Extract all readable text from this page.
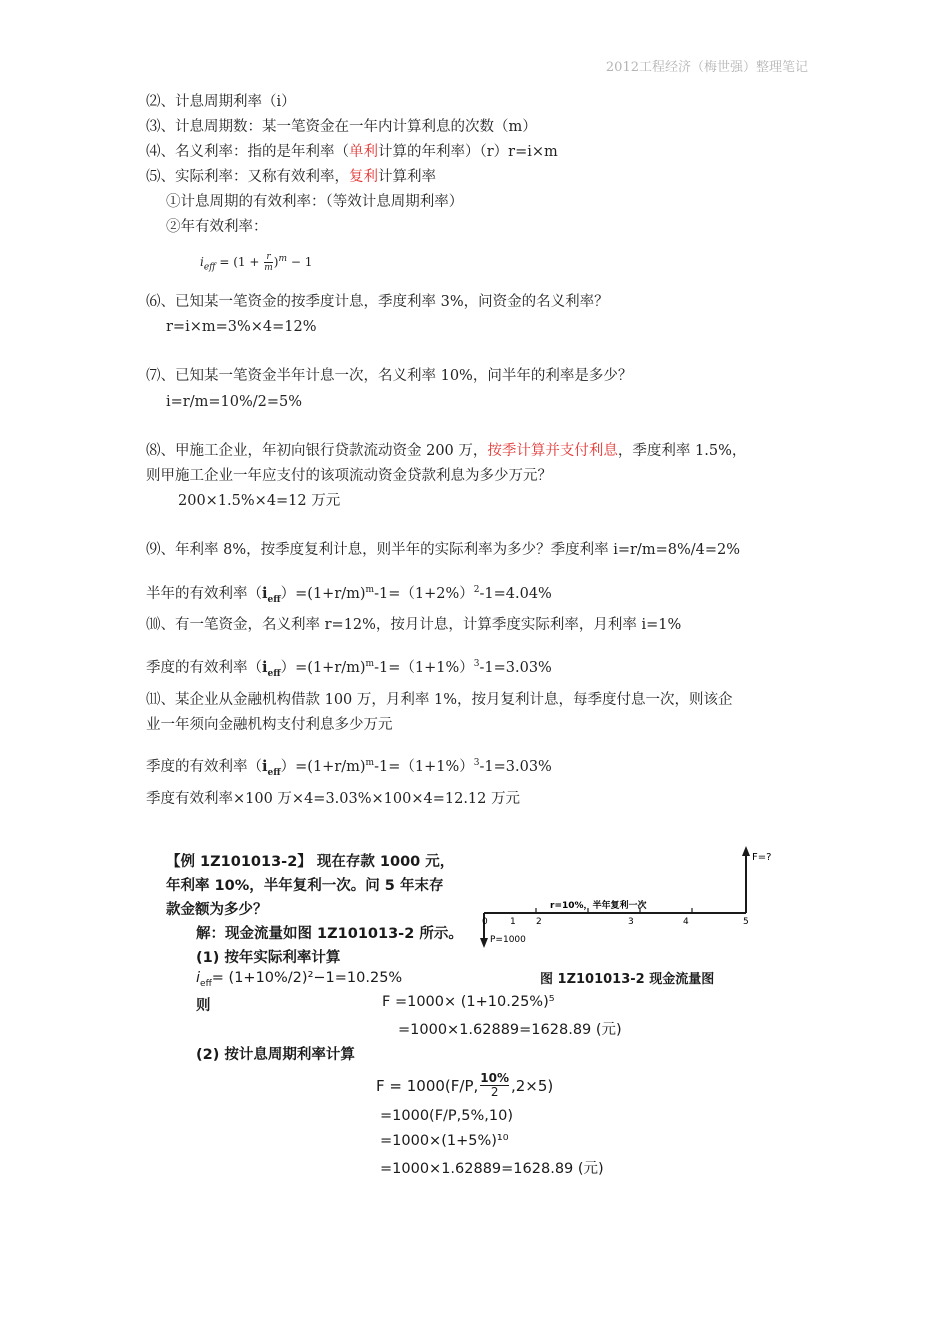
2012工程经济（梅世强）整理笔记
⑵、计息周期利率（i）
⑶、计息周期数：某一笔资金在一年内计算利息的次数（m）
⑷、名义利率：指的是年利率（单利计算的年利率）（r）r=i×m
⑸、实际利率：又称有效利率，复利计算利率
①计息周期的有效利率：（等效计息周期利率）
②年有效利率：
$i_{eff} = (1 + \frac{r}{m} )^m - 1$
⑹、已知某一笔资金的按季度计息，季度利率 3%，问资金的名义利率？
r=i×m=3%×4=12%
⑺、已知某一笔资金半年计息一次，名义利率 10%，问半年的利率是多少？
i=r/m=10%/2=5%
⑻、甲施工企业，年初向银行贷款流动资金 200 万，按季计算并支付利息，季度利率 1.5%，
则甲施工企业一年应支付的该项流动资金贷款利息为多少万元？
200×1.5%×4=12 万元
⑼、年利率 8%，按季度复利计息，则半年的实际利率为多少？季度利率 i=r/m=8%/4=2%
半年的有效利率$(i_{eff})=(1+r/m)^m-1=(1+2\%)^2-1=4.04\%$
⑽、有一笔资金，名义利率 r=12%，按月计息，计算季度实际利率，月利率 i=1%
季度的有效利率$(i_{eff})=(1+r/m)^m-1=(1+1\%)^3-1=3.03\%$
⑾、某企业从金融机构借款 100 万，月利率 1%，按月复利计息，每季度付息一次，则该企
业一年须向金融机构支付利息多少万元
季度的有效利率$(i_{eff})=(1+r/m)^m-1=(1+1\%)^3-1=3.03\%$
季度有效利率×100 万×4=3.03%×100×4=12.12 万元
【例 1Z101013-2】 现在存款 1000 元，
年利率 10%，半年复利一次。问 5 年末存
款金额为多少？
解：现金流量如图 1Z101013-2 所示。
(1) 按年实际利率计算
$i_{eff}= (1+10\%/2)^2-1=10.25\%$
则	F =1000× (1+10.25%)⁵
=1000×1.62889=1628.89 (元)
(2) 按计息周期利率计算
F = 1000(F/P, 10%
2 ,2×5)
=1000(F/P,5%,10)
=1000×(1+5%)¹⁰
=1000×1.62889=1628.89 (元)
图 1Z101013-2 现金流量图
F=?
r=10%，半年复利一次
P=1000
0 1 2	3	4	5
